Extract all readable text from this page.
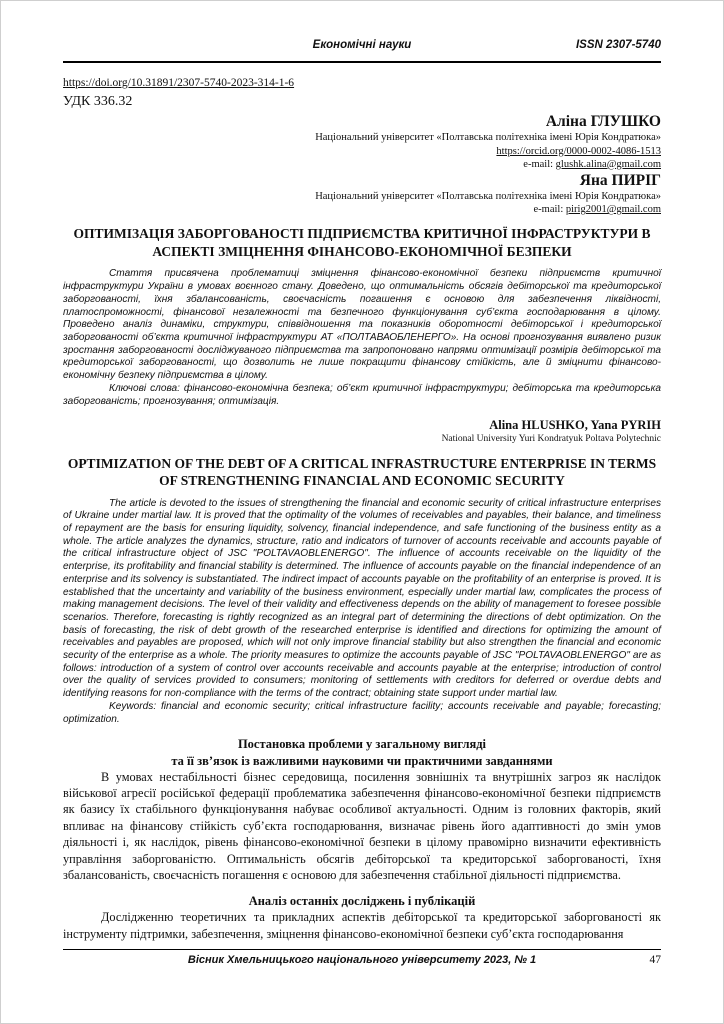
Економічні науки	ISSN 2307-5740
https://doi.org/10.31891/2307-5740-2023-314-1-6
УДК 336.32
Аліна ГЛУШКО
Національний університет «Полтавська політехніка імені Юрія Кондратюка»
https://orcid.org/0000-0002-4086-1513
e-mail: glushk.alina@gmail.com
Яна ПИРІГ
Національний університет «Полтавська політехніка імені Юрія Кондратюка»
e-mail: pirig2001@gmail.com
ОПТИМІЗАЦІЯ ЗАБОРГОВАНОСТІ ПІДПРИЄМСТВА КРИТИЧНОЇ ІНФРАСТРУКТУРИ В АСПЕКТІ ЗМІЦНЕННЯ ФІНАНСОВО-ЕКОНОМІЧНОЇ БЕЗПЕКИ

Стаття присвячена проблематиці зміцнення фінансово-економічної безпеки підприємств критичної інфраструктури України в умовах воєнного стану. Доведено, що оптимальність обсягів дебіторської та кредиторської заборгованості, їхня збалансованість, своєчасність погашення є основою для забезпечення ліквідності, платоспроможності, фінансової незалежності та безпечного функціонування суб’єкта господарювання в цілому. Проведено аналіз динаміки, структури, співвідношення та показників оборотності дебіторської і кредиторської заборгованості об’єкта критичної інфраструктури АТ «ПОЛТАВАОБЛЕНЕРГО». На основі прогнозування виявлено ризик зростання заборгованості досліджуваного підприємства та запропоновано напрями оптимізації розмірів дебіторської та кредиторської заборгованості, що дозволить не лише покращити фінансову стійкість, але й зміцнити фінансово-економічну безпеку підприємства в цілому.

Ключові слова: фінансово-економічна безпека; об’єкт критичної інфраструктури; дебіторська та кредиторська заборгованість; прогнозування; оптимізація.

Alina HLUSHKO, Yana PYRIH
National University Yuri Kondratyuk Poltava Polytechnic
OPTIMIZATION OF THE DEBT OF A CRITICAL INFRASTRUCTURE ENTERPRISE IN TERMS OF STRENGTHENING FINANCIAL AND ECONOMIC SECURITY

The article is devoted to the issues of strengthening the financial and economic security of critical infrastructure enterprises of Ukraine under martial law. It is proved that the optimality of the volumes of receivables and payables, their balance, and timeliness of repayment are the basis for ensuring liquidity, solvency, financial independence, and safe functioning of the business entity as a whole. The article analyzes the dynamics, structure, ratio and indicators of turnover of accounts receivable and accounts payable of the critical infrastructure object of JSC "POLTAVAOBLENERGO". The influence of accounts receivable on the liquidity of the enterprise, its profitability and financial stability is determined. The influence of accounts payable on the financial independence of an enterprise and its solvency is substantiated. The indirect impact of accounts payable on the profitability of an enterprise is proved. It is established that the uncertainty and variability of the business environment, especially under martial law, complicates the process of making management decisions. The level of their validity and effectiveness depends on the ability of management to foresee possible scenarios. Therefore, forecasting is rightly recognized as an integral part of determining the directions of debt optimization. On the basis of forecasting, the risk of debt growth of the researched enterprise is identified and directions for optimizing the amount of receivables and payables are proposed, which will not only improve financial stability but also strengthen the financial and economic security of the enterprise as a whole. The priority measures to optimize the accounts payable of JSC "POLTAVAOBLENERGO" are as follows: introduction of a system of control over accounts receivable and accounts payable at the enterprise; introduction of control over the quality of services provided to consumers; monitoring of settlements with creditors for deferred or overdue debts and identifying reasons for non-compliance with the terms of the contract; obtaining state support under martial law.

Keywords: financial and economic security; critical infrastructure facility; accounts receivable and payable; forecasting; optimization.

Постановка проблеми у загальному вигляді
та її зв’язок із важливими науковими чи практичними завданнями
В умовах нестабільності бізнес середовища, посилення зовнішніх та внутрішніх загроз як наслідок військової агресії російської федерації проблематика забезпечення фінансово-економічної безпеки підприємств як базису їх стабільного функціонування набуває особливої актуальності. Одним із головних факторів, який впливає на фінансову стійкість суб’єкта господарювання, визначає рівень його адаптивності до змін умов діяльності і, як наслідок, рівень фінансово-економічної безпеки в цілому правомірно визначити ефективність управління заборгованістю. Оптимальність обсягів дебіторської та кредиторської заборгованості, їхня збалансованість, своєчасність погашення є основою для забезпечення стабільної діяльності підприємства.
Аналіз останніх досліджень і публікацій
Дослідженню теоретичних та прикладних аспектів дебіторської та кредиторської заборгованості як інструменту підтримки, забезпечення, зміцнення фінансово-економічної безпеки суб’єкта господарювання
Вісник Хмельницького національного університету 2023, № 1	47
